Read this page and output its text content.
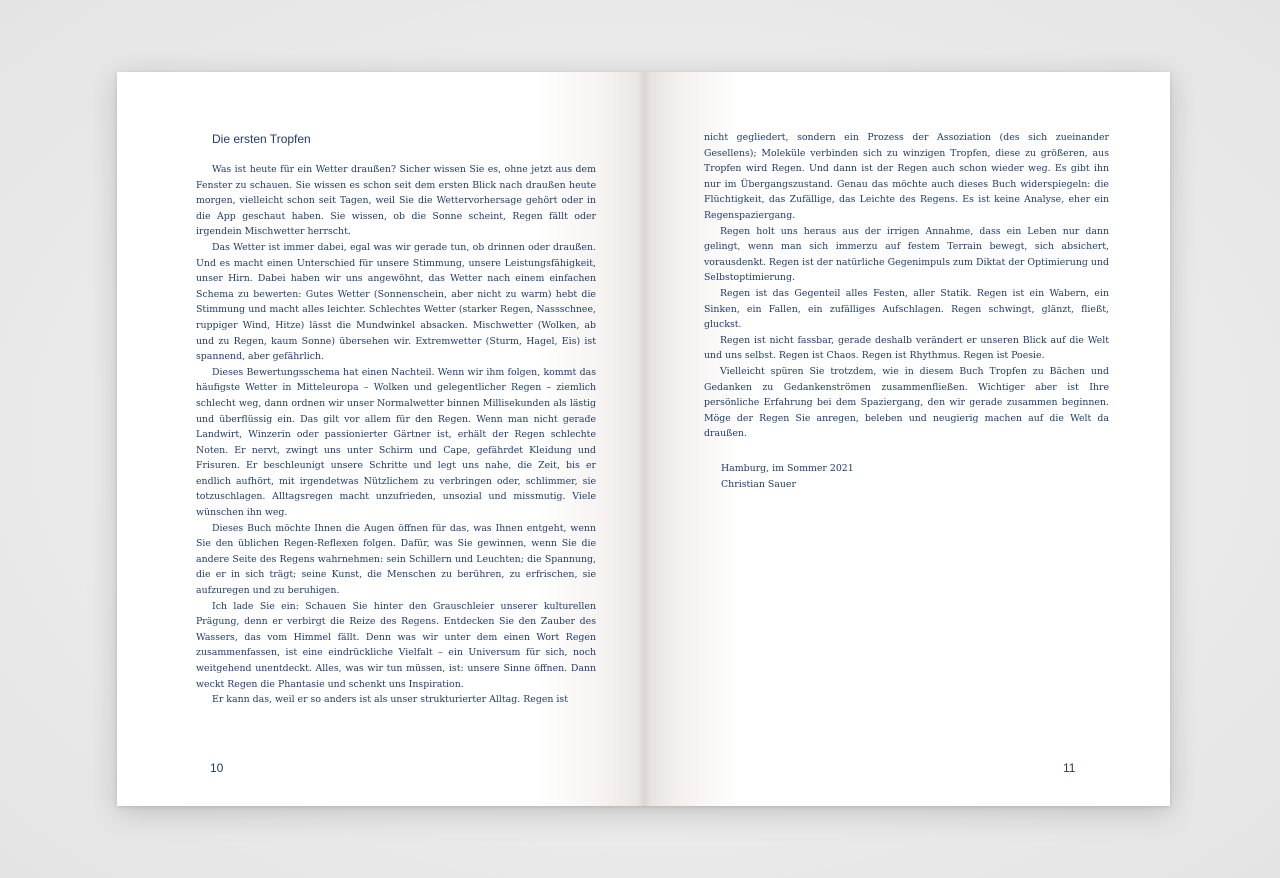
Die ersten Tropfen

Was ist heute für ein Wetter draußen? Sicher wissen Sie es, ohne jetzt aus dem Fenster zu schauen. Sie wissen es schon seit dem ersten Blick nach draußen heute morgen, vielleicht schon seit Tagen, weil Sie die Wettervorhersage gehört oder in die App geschaut haben. Sie wissen, ob die Sonne scheint, Regen fällt oder irgendein Mischwetter herrscht.

Das Wetter ist immer dabei, egal was wir gerade tun, ob drinnen oder draußen. Und es macht einen Unterschied für unsere Stimmung, unsere Leistungsfähigkeit, unser Hirn. Dabei haben wir uns angewöhnt, das Wetter nach einem einfachen Schema zu bewerten: Gutes Wetter (Sonnenschein, aber nicht zu warm) hebt die Stimmung und macht alles leichter. Schlechtes Wetter (starker Regen, Nassschnee, ruppiger Wind, Hitze) lässt die Mundwinkel absacken. Mischwetter (Wolken, ab und zu Regen, kaum Sonne) übersehen wir. Extremwetter (Sturm, Hagel, Eis) ist spannend, aber gefährlich.

Dieses Bewertungsschema hat einen Nachteil. Wenn wir ihm folgen, kommt das häufigste Wetter in Mitteleuropa – Wolken und gelegentlicher Regen – ziemlich schlecht weg, dann ordnen wir unser Normalwetter binnen Millisekunden als lästig und überflüssig ein. Das gilt vor allem für den Regen. Wenn man nicht gerade Landwirt, Winzerin oder passionierter Gärtner ist, erhält der Regen schlechte Noten. Er nervt, zwingt uns unter Schirm und Cape, gefährdet Kleidung und Frisuren. Er beschleunigt unsere Schritte und legt uns nahe, die Zeit, bis er endlich aufhört, mit irgendetwas Nützlichem zu verbringen oder, schlimmer, sie totzuschlagen. Alltagsregen macht unzufrieden, unsozial und missmutig. Viele wünschen ihn weg.

Dieses Buch möchte Ihnen die Augen öffnen für das, was Ihnen entgeht, wenn Sie den üblichen Regen-Reflexen folgen. Dafür, was Sie gewinnen, wenn Sie die andere Seite des Regens wahrnehmen: sein Schillern und Leuchten; die Spannung, die er in sich trägt; seine Kunst, die Menschen zu berühren, zu erfrischen, sie aufzuregen und zu beruhigen.

Ich lade Sie ein: Schauen Sie hinter den Grauschleier unserer kulturellen Prägung, denn er verbirgt die Reize des Regens. Entdecken Sie den Zauber des Wassers, das vom Himmel fällt. Denn was wir unter dem einen Wort Regen zusammenfassen, ist eine eindrückliche Vielfalt – ein Universum für sich, noch weitgehend unentdeckt. Alles, was wir tun müssen, ist: unsere Sinne öffnen. Dann weckt Regen die Phantasie und schenkt uns Inspiration.

Er kann das, weil er so anders ist als unser strukturierter Alltag. Regen ist

10

nicht gegliedert, sondern ein Prozess der Assoziation (des sich zueinander Gesellens); Moleküle verbinden sich zu winzigen Tropfen, diese zu größeren, aus Tropfen wird Regen. Und dann ist der Regen auch schon wieder weg. Es gibt ihn nur im Übergangszustand. Genau das möchte auch dieses Buch widerspiegeln: die Flüchtigkeit, das Zufällige, das Leichte des Regens. Es ist keine Analyse, eher ein Regenspaziergang.

Regen holt uns heraus aus der irrigen Annahme, dass ein Leben nur dann gelingt, wenn man sich immerzu auf festem Terrain bewegt, sich absichert, vorausdenkt. Regen ist der natürliche Gegenimpuls zum Diktat der Optimierung und Selbstoptimierung.

Regen ist das Gegenteil alles Festen, aller Statik. Regen ist ein Wabern, ein Sinken, ein Fallen, ein zufälliges Aufschlagen. Regen schwingt, glänzt, fließt, gluckst.

Regen ist nicht fassbar, gerade deshalb verändert er unseren Blick auf die Welt und uns selbst. Regen ist Chaos. Regen ist Rhythmus. Regen ist Poesie.

Vielleicht spüren Sie trotzdem, wie in diesem Buch Tropfen zu Bächen und Gedanken zu Gedankenströmen zusammenfließen. Wichtiger aber ist Ihre persönliche Erfahrung bei dem Spaziergang, den wir gerade zusammen beginnen. Möge der Regen Sie anregen, beleben und neugierig machen auf die Welt da draußen.

Hamburg, im Sommer 2021
Christian Sauer
11
